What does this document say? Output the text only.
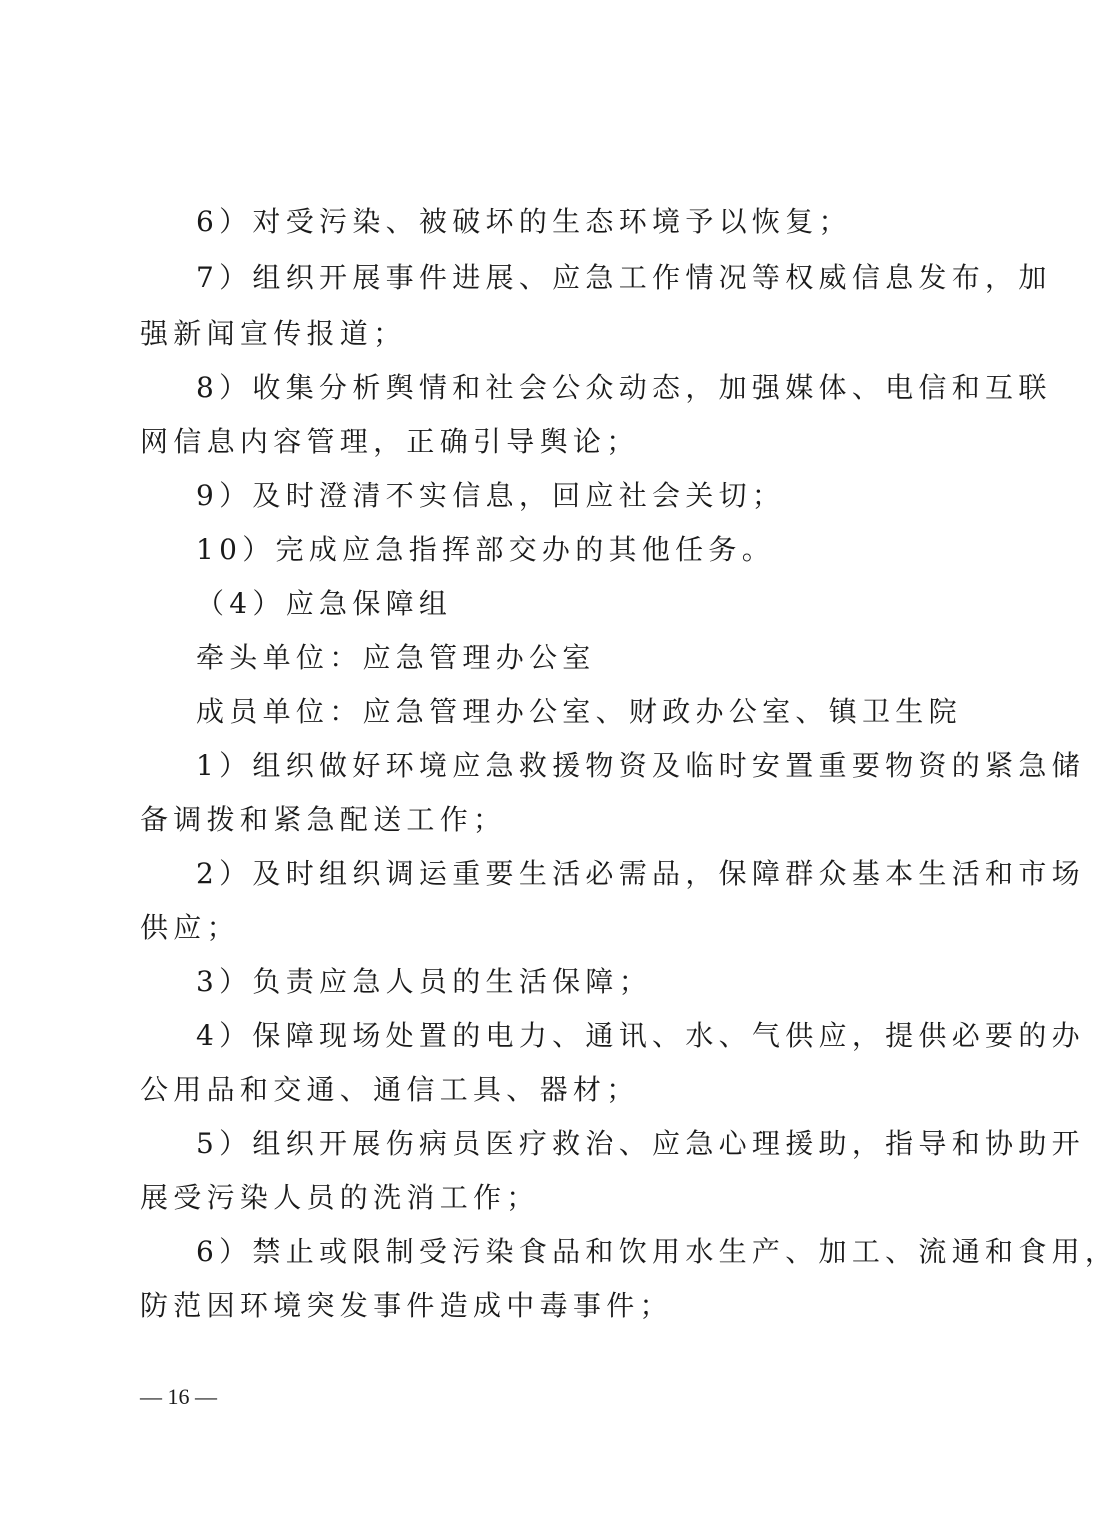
6）对受污染、被破坏的生态环境予以恢复；
7）组织开展事件进展、应急工作情况等权威信息发布，加
强新闻宣传报道；
8）收集分析舆情和社会公众动态，加强媒体、电信和互联
网信息内容管理，正确引导舆论；
9）及时澄清不实信息，回应社会关切；
10）完成应急指挥部交办的其他任务。
（4）应急保障组
牵头单位：应急管理办公室
成员单位：应急管理办公室、财政办公室、镇卫生院
1）组织做好环境应急救援物资及临时安置重要物资的紧急储
备调拨和紧急配送工作；
2）及时组织调运重要生活必需品，保障群众基本生活和市场
供应；
3）负责应急人员的生活保障；
4）保障现场处置的电力、通讯、水、气供应，提供必要的办
公用品和交通、通信工具、器材；
5）组织开展伤病员医疗救治、应急心理援助，指导和协助开
展受污染人员的洗消工作；
6）禁止或限制受污染食品和饮用水生产、加工、流通和食用，
防范因环境突发事件造成中毒事件；
— 16 —
